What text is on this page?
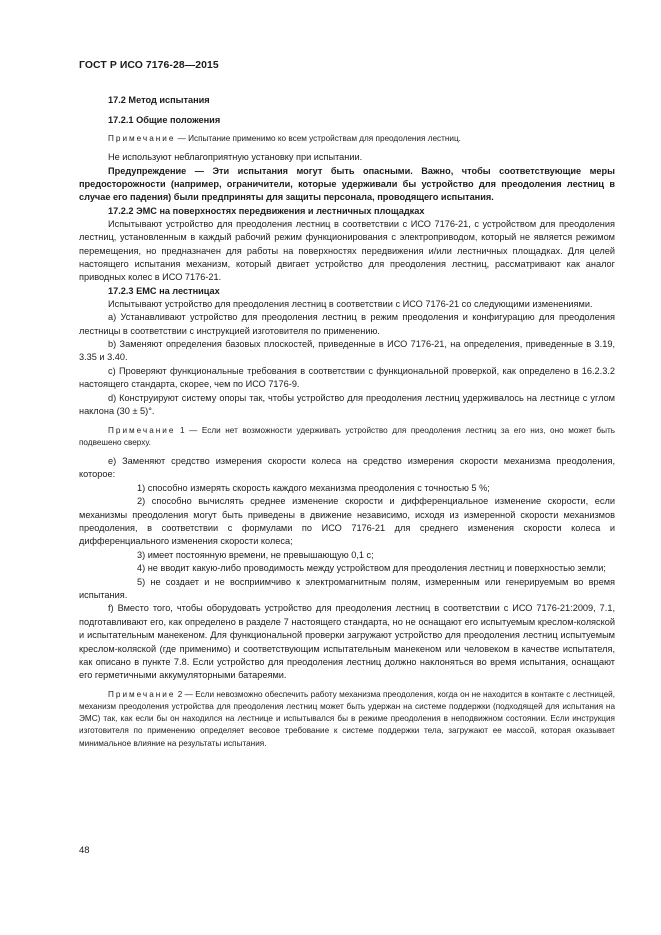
ГОСТ Р ИСО 7176-28—2015

17.2 Метод испытания

17.2.1 Общие положения

Примечание — Испытание применимо ко всем устройствам для преодоления лестниц.

Не используют неблагоприятную установку при испытании.

Предупреждение — Эти испытания могут быть опасными. Важно, чтобы соответствующие меры предосторожности (например, ограничители, которые удерживали бы устройство для преодоления лестниц в случае его падения) были предприняты для защиты персонала, проводящего испытания.

17.2.2 ЭМС на поверхностях передвижения и лестничных площадках

Испытывают устройство для преодоления лестниц в соответствии с ИСО 7176-21, с устройством для преодоления лестниц, установленным в каждый рабочий режим функционирования с электроприводом, который не является режимом перемещения, но предназначен для работы на поверхностях передвижения и/или лестничных площадках. Для целей настоящего испытания механизм, который двигает устройство для преодоления лестниц, рассматривают как аналог приводных колес в ИСО 7176-21.

17.2.3 ЕМС на лестницах

Испытывают устройство для преодоления лестниц в соответствии с ИСО 7176-21 со следующими изменениями.

а) Устанавливают устройство для преодоления лестниц в режим преодоления и конфигурацию для преодоления лестницы в соответствии с инструкцией изготовителя по применению.

b) Заменяют определения базовых плоскостей, приведенные в ИСО 7176-21, на определения, приведенные в 3.19, 3.35 и 3.40.

с) Проверяют функциональные требования в соответствии с функциональной проверкой, как определено в 16.2.3.2 настоящего стандарта, скорее, чем по ИСО 7176-9.

d) Конструируют систему опоры так, чтобы устройство для преодоления лестниц удерживалось на лестнице с углом наклона (30 ± 5)°.

Примечание 1 — Если нет возможности удерживать устройство для преодоления лестниц за его низ, оно может быть подвешено сверху.

е) Заменяют средство измерения скорости колеса на средство измерения скорости механизма преодоления, которое:

1) способно измерять скорость каждого механизма преодоления с точностью 5 %;

2) способно вычислять среднее изменение скорости и дифференциальное изменение скорости, если механизмы преодоления могут быть приведены в движение независимо, исходя из измеренной скорости механизмов преодоления, в соответствии с формулами по ИСО 7176-21 для среднего изменения скорости колеса и дифференциального изменения скорости колеса;

3) имеет постоянную времени, не превышающую 0,1 с;

4) не вводит какую-либо проводимость между устройством для преодоления лестниц и поверхностью земли;

5) не создает и не восприимчиво к электромагнитным полям, измеренным или генерируемым во время испытания.

f) Вместо того, чтобы оборудовать устройство для преодоления лестниц в соответствии с ИСО 7176-21:2009, 7.1, подготавливают его, как определено в разделе 7 настоящего стандарта, но не оснащают его испытуемым креслом-коляской и испытательным манекеном. Для функциональной проверки загружают устройство для преодоления лестниц испытуемым креслом-коляской (где применимо) и соответствующим испытательным манекеном или человеком в качестве испытателя, как описано в пункте 7.8. Если устройство для преодоления лестниц должно наклоняться во время испытания, оснащают его герметичными аккумуляторными батареями.

Примечание 2 — Если невозможно обеспечить работу механизма преодоления, когда он не находится в контакте с лестницей, механизм преодоления устройства для преодоления лестниц может быть удержан на системе поддержки (подходящей для испытания на ЭМС) так, как если бы он находился на лестнице и испытывался бы в режиме преодоления в неподвижном состоянии. Если инструкция изготовителя по применению определяет весовое требование к системе поддержки тела, загружают ее массой, которая оказывает минимальное влияние на результаты испытания.

48
